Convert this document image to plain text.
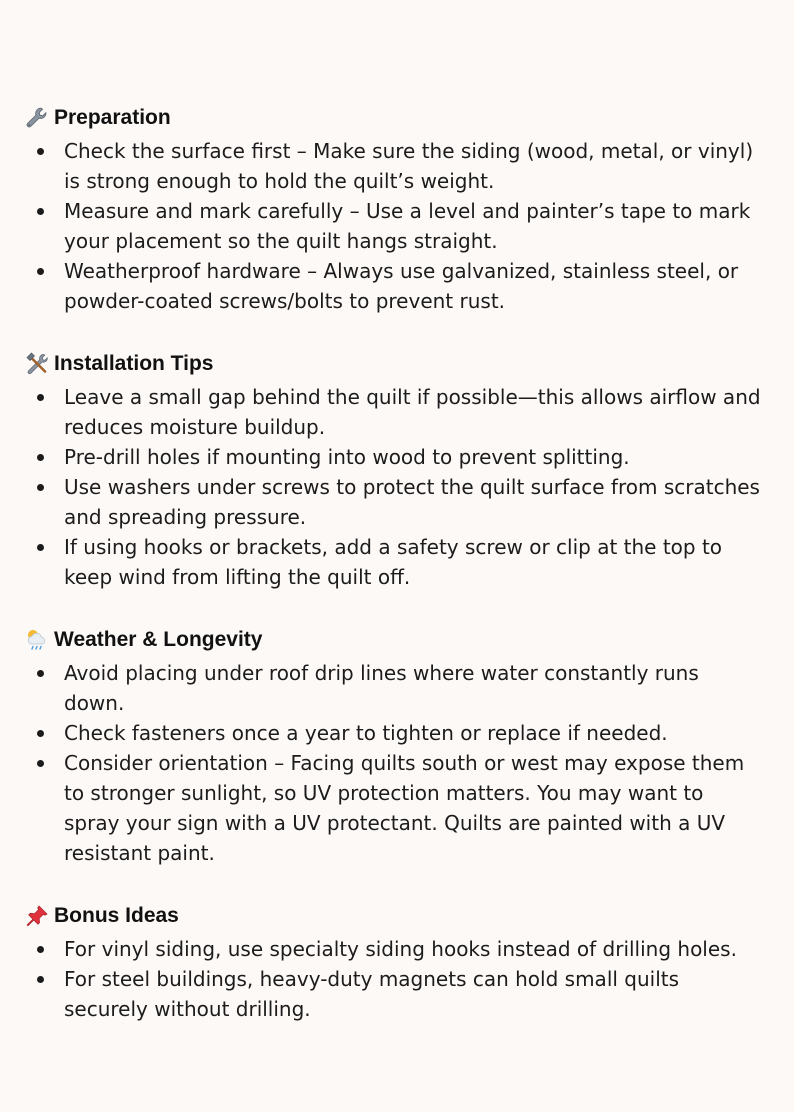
Preparation
Check the surface first – Make sure the siding (wood, metal, or vinyl) is strong enough to hold the quilt’s weight.
Measure and mark carefully – Use a level and painter’s tape to mark your placement so the quilt hangs straight.
Weatherproof hardware – Always use galvanized, stainless steel, or powder-coated screws/bolts to prevent rust.
Installation Tips
Leave a small gap behind the quilt if possible—this allows airflow and reduces moisture buildup.
Pre-drill holes if mounting into wood to prevent splitting.
Use washers under screws to protect the quilt surface from scratches and spreading pressure.
If using hooks or brackets, add a safety screw or clip at the top to keep wind from lifting the quilt off.
Weather & Longevity
Avoid placing under roof drip lines where water constantly runs down.
Check fasteners once a year to tighten or replace if needed.
Consider orientation – Facing quilts south or west may expose them to stronger sunlight, so UV protection matters. You may want to spray your sign with a UV protectant. Quilts are painted with a UV resistant paint.
Bonus Ideas
For vinyl siding, use specialty siding hooks instead of drilling holes.
For steel buildings, heavy-duty magnets can hold small quilts securely without drilling.
